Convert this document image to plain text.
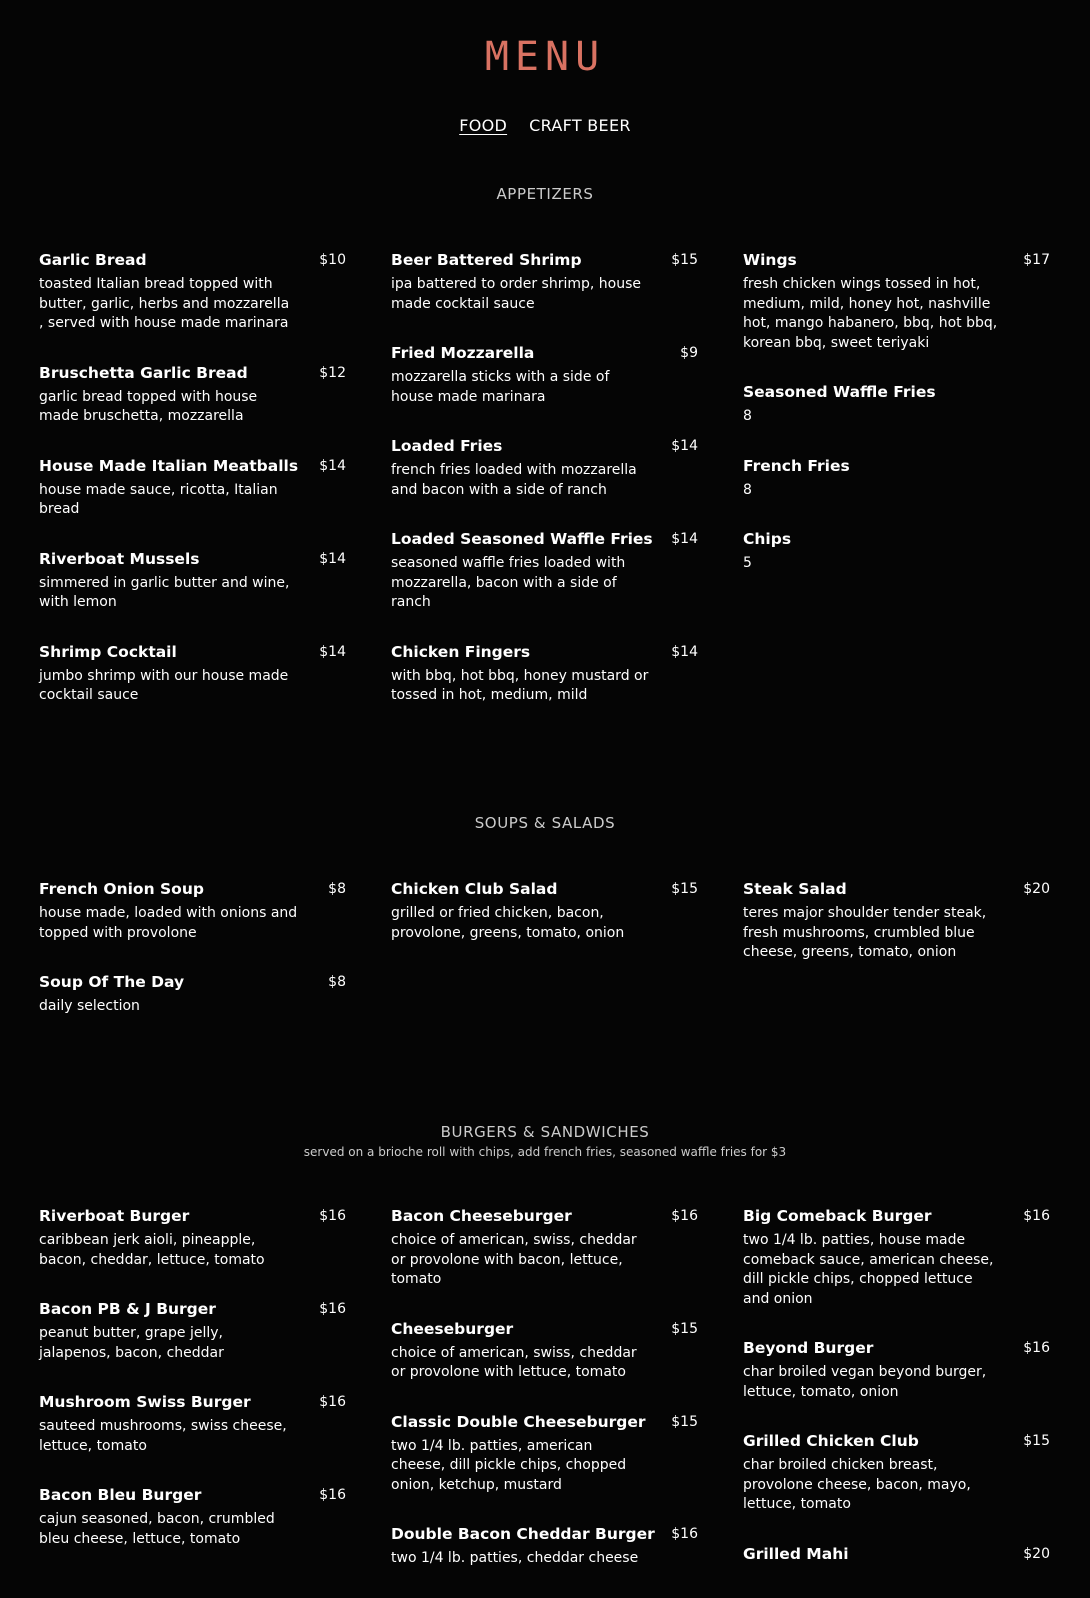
MENU
FOOD CRAFT BEER
APPETIZERS
Garlic Bread	$10
toasted Italian bread topped with butter, garlic, herbs and mozzarella , served with house made marinara
Bruschetta Garlic Bread	$12
garlic bread topped with house made bruschetta, mozzarella
House Made Italian Meatballs	$14
house made sauce, ricotta, Italian bread
Riverboat Mussels	$14
simmered in garlic butter and wine, with lemon
Shrimp Cocktail	$14
jumbo shrimp with our house made cocktail sauce
Beer Battered Shrimp	$15
ipa battered to order shrimp, house made cocktail sauce
Fried Mozzarella	$9
mozzarella sticks with a side of house made marinara
Loaded Fries	$14
french fries loaded with mozzarella and bacon with a side of ranch
Loaded Seasoned Waffle Fries	$14
seasoned waffle fries loaded with mozzarella, bacon with a side of ranch
Chicken Fingers	$14
with bbq, hot bbq, honey mustard or tossed in hot, medium, mild
Wings	$17
fresh chicken wings tossed in hot, medium, mild, honey hot, nashville hot, mango habanero, bbq, hot bbq, korean bbq, sweet teriyaki
Seasoned Waffle Fries
8
French Fries
8
Chips
5
SOUPS & SALADS
French Onion Soup	$8
house made, loaded with onions and topped with provolone
Soup Of The Day	$8
daily selection
Chicken Club Salad	$15
grilled or fried chicken, bacon, provolone, greens, tomato, onion
Steak Salad	$20
teres major shoulder tender steak, fresh mushrooms, crumbled blue cheese, greens, tomato, onion
BURGERS & SANDWICHES
served on a brioche roll with chips, add french fries, seasoned waffle fries for $3
Riverboat Burger	$16
caribbean jerk aioli, pineapple, bacon, cheddar, lettuce, tomato
Bacon PB & J Burger	$16
peanut butter, grape jelly, jalapenos, bacon, cheddar
Mushroom Swiss Burger	$16
sauteed mushrooms, swiss cheese, lettuce, tomato
Bacon Bleu Burger	$16
cajun seasoned, bacon, crumbled bleu cheese, lettuce, tomato
Bacon Cheeseburger	$16
choice of american, swiss, cheddar or provolone with bacon, lettuce, tomato
Cheeseburger	$15
choice of american, swiss, cheddar or provolone with lettuce, tomato
Classic Double Cheeseburger	$15
two 1/4 lb. patties, american cheese, dill pickle chips, chopped onion, ketchup, mustard
Double Bacon Cheddar Burger	$16
two 1/4 lb. patties, cheddar cheese
Big Comeback Burger	$16
two 1/4 lb. patties, house made comeback sauce, american cheese, dill pickle chips, chopped lettuce and onion
Beyond Burger	$16
char broiled vegan beyond burger, lettuce, tomato, onion
Grilled Chicken Club	$15
char broiled chicken breast, provolone cheese, bacon, mayo, lettuce, tomato
Grilled Mahi	$20
